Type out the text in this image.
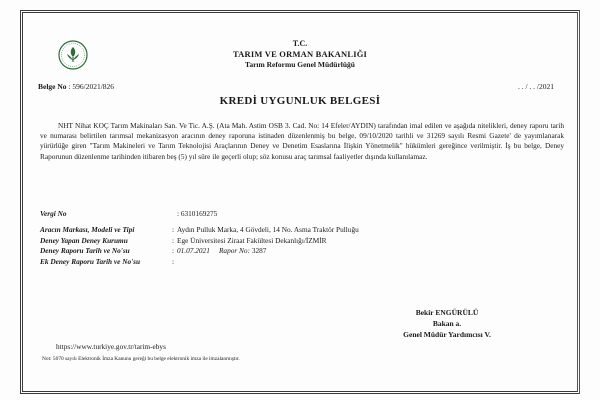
T.C.
TARIM VE ORMAN BAKANLIĞI
Tarım Reformu Genel Müdürlüğü
Belge No : 596/2021/826	. . / . . /2021
KREDİ UYGUNLUK BELGESİ
NHT Nihat KOÇ Tarım Makinaları San. Ve Tic. A.Ş. (Ata Mah. Astim OSB 3. Cad. No: 14 Efeler/AYDIN) tarafından imal edilen ve aşağıda nitelikleri, deney raporu tarih ve numarası belirtilen tarımsal mekanizasyon aracının deney raporuna istinaden düzenlenmiş bu belge, 09/10/2020 tarihli ve 31269 sayılı Resmi Gazete' de yayımlanarak yürürlüğe giren "Tarım Makineleri ve Tarım Teknolojisi Araçlarının Deney ve Denetim Esaslarına İlişkin Yönetmelik" hükümleri gereğince verilmiştir. İş bu belge, Deney Raporunun düzenlenme tarihinden itibaren beş (5) yıl süre ile geçerli olup; söz konusu araç tarımsal faaliyetler dışında kullanılamaz.
Vergi No	: 6310169275
Aracın Markası, Modeli ve Tipi	: Aydın Pulluk Marka, 4 Gövdeli, 14 No. Asma Traktör Pulluğu
Deney Yapan Deney Kurumu	: Ege Üniversitesi Ziraat Fakültesi Dekanlığı/İZMİR
Deney Raporu Tarih ve No'su	: 01.07.2021 Rapor No: 3287
Ek Deney Raporu Tarih ve No'su	:
Bekir ENGÜRÜLÜ
Bakan a.
Genel Müdür Yardımcısı V.
https://www.turkiye.gov.tr/tarim-ebys
Not: 5070 sayılı Elektronik İmza Kanunu gereği bu belge elektronik imza ile imzalanmıştır.
